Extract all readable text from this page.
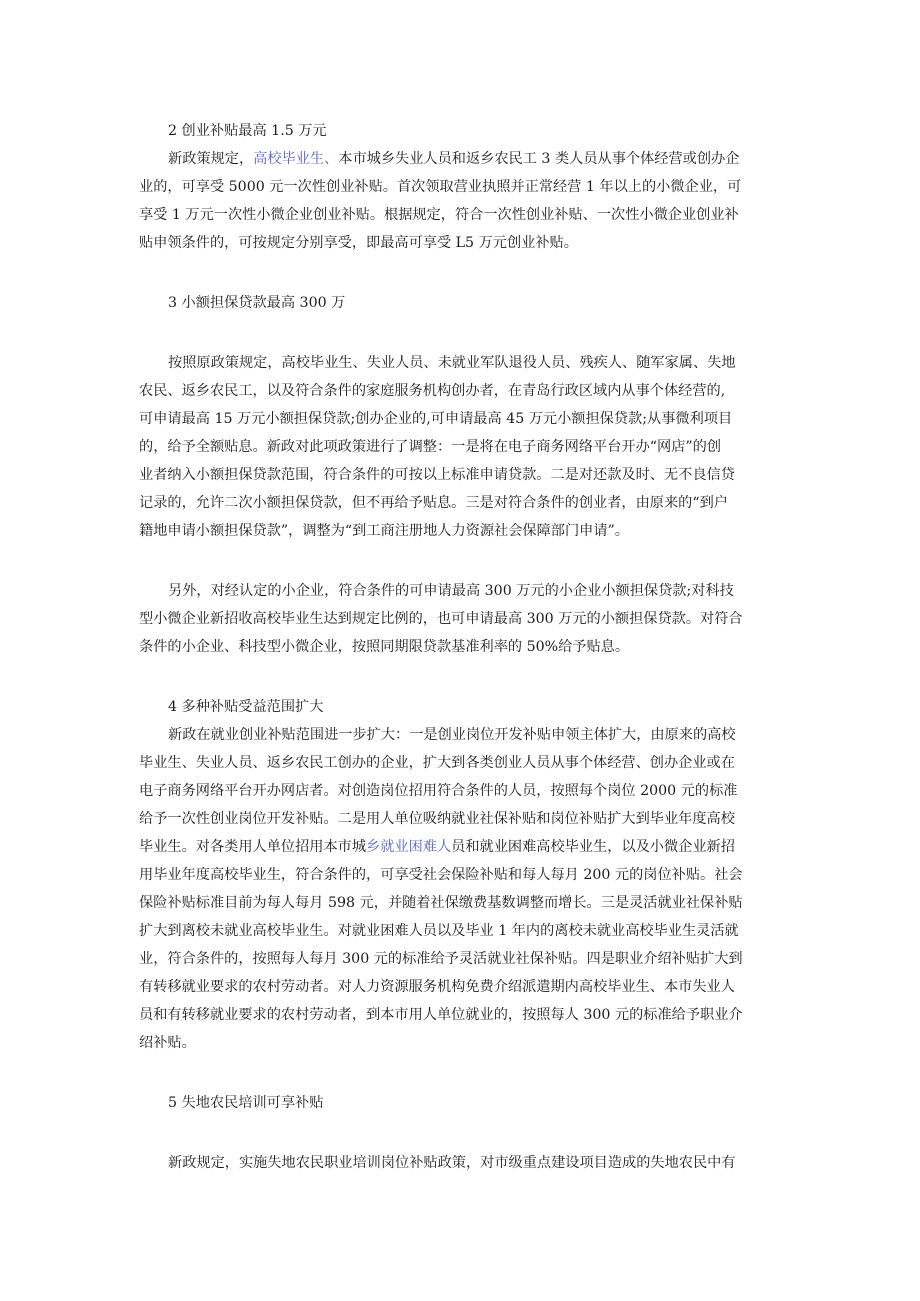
2 创业补贴最高 1.5 万元
新政策规定，高校毕业生、本市城乡失业人员和返乡农民工 3 类人员从事个体经营或创办企
业的，可享受 5000 元一次性创业补贴。首次领取营业执照并正常经营 1 年以上的小微企业，可
享受 1 万元一次性小微企业创业补贴。根据规定，符合一次性创业补贴、一次性小微企业创业补
贴申领条件的，可按规定分别享受，即最高可享受 L5 万元创业补贴。
3 小额担保贷款最高 300 万
按照原政策规定，高校毕业生、失业人员、未就业军队退役人员、残疾人、随军家属、失地
农民、返乡农民工，以及符合条件的家庭服务机构创办者，在青岛行政区域内从事个体经营的,
可申请最高 15 万元小额担保贷款;创办企业的,可申请最高 45 万元小额担保贷款;从事微利项目
的，给予全额贴息。新政对此项政策进行了调整：一是将在电子商务网络平台开办“网店”的创
业者纳入小额担保贷款范围，符合条件的可按以上标准申请贷款。二是对还款及时、无不良信贷
记录的，允许二次小额担保贷款，但不再给予贴息。三是对符合条件的创业者，由原来的“到户
籍地申请小额担保贷款”，调整为“到工商注册地人力资源社会保障部门申请”。
另外，对经认定的小企业，符合条件的可申请最高 300 万元的小企业小额担保贷款;对科技
型小微企业新招收高校毕业生达到规定比例的，也可申请最高 300 万元的小额担保贷款。对符合
条件的小企业、科技型小微企业，按照同期限贷款基准利率的 50%给予贴息。
4 多种补贴受益范围扩大
新政在就业创业补贴范围进一步扩大：一是创业岗位开发补贴申领主体扩大，由原来的高校
毕业生、失业人员、返乡农民工创办的企业，扩大到各类创业人员从事个体经营、创办企业或在
电子商务网络平台开办网店者。对创造岗位招用符合条件的人员，按照每个岗位 2000 元的标准
给予一次性创业岗位开发补贴。二是用人单位吸纳就业社保补贴和岗位补贴扩大到毕业年度高校
毕业生。对各类用人单位招用本市城乡就业困难人员和就业困难高校毕业生，以及小微企业新招
用毕业年度高校毕业生，符合条件的，可享受社会保险补贴和每人每月 200 元的岗位补贴。社会
保险补贴标准目前为每人每月 598 元，并随着社保缴费基数调整而增长。三是灵活就业社保补贴
扩大到离校未就业高校毕业生。对就业困难人员以及毕业 1 年内的离校未就业高校毕业生灵活就
业，符合条件的，按照每人每月 300 元的标准给予灵活就业社保补贴。四是职业介绍补贴扩大到
有转移就业要求的农村劳动者。对人力资源服务机构免费介绍派遣期内高校毕业生、本市失业人
员和有转移就业要求的农村劳动者，到本市用人单位就业的，按照每人 300 元的标准给予职业介
绍补贴。
5 失地农民培训可享补贴
新政规定，实施失地农民职业培训岗位补贴政策，对市级重点建设项目造成的失地农民中有
